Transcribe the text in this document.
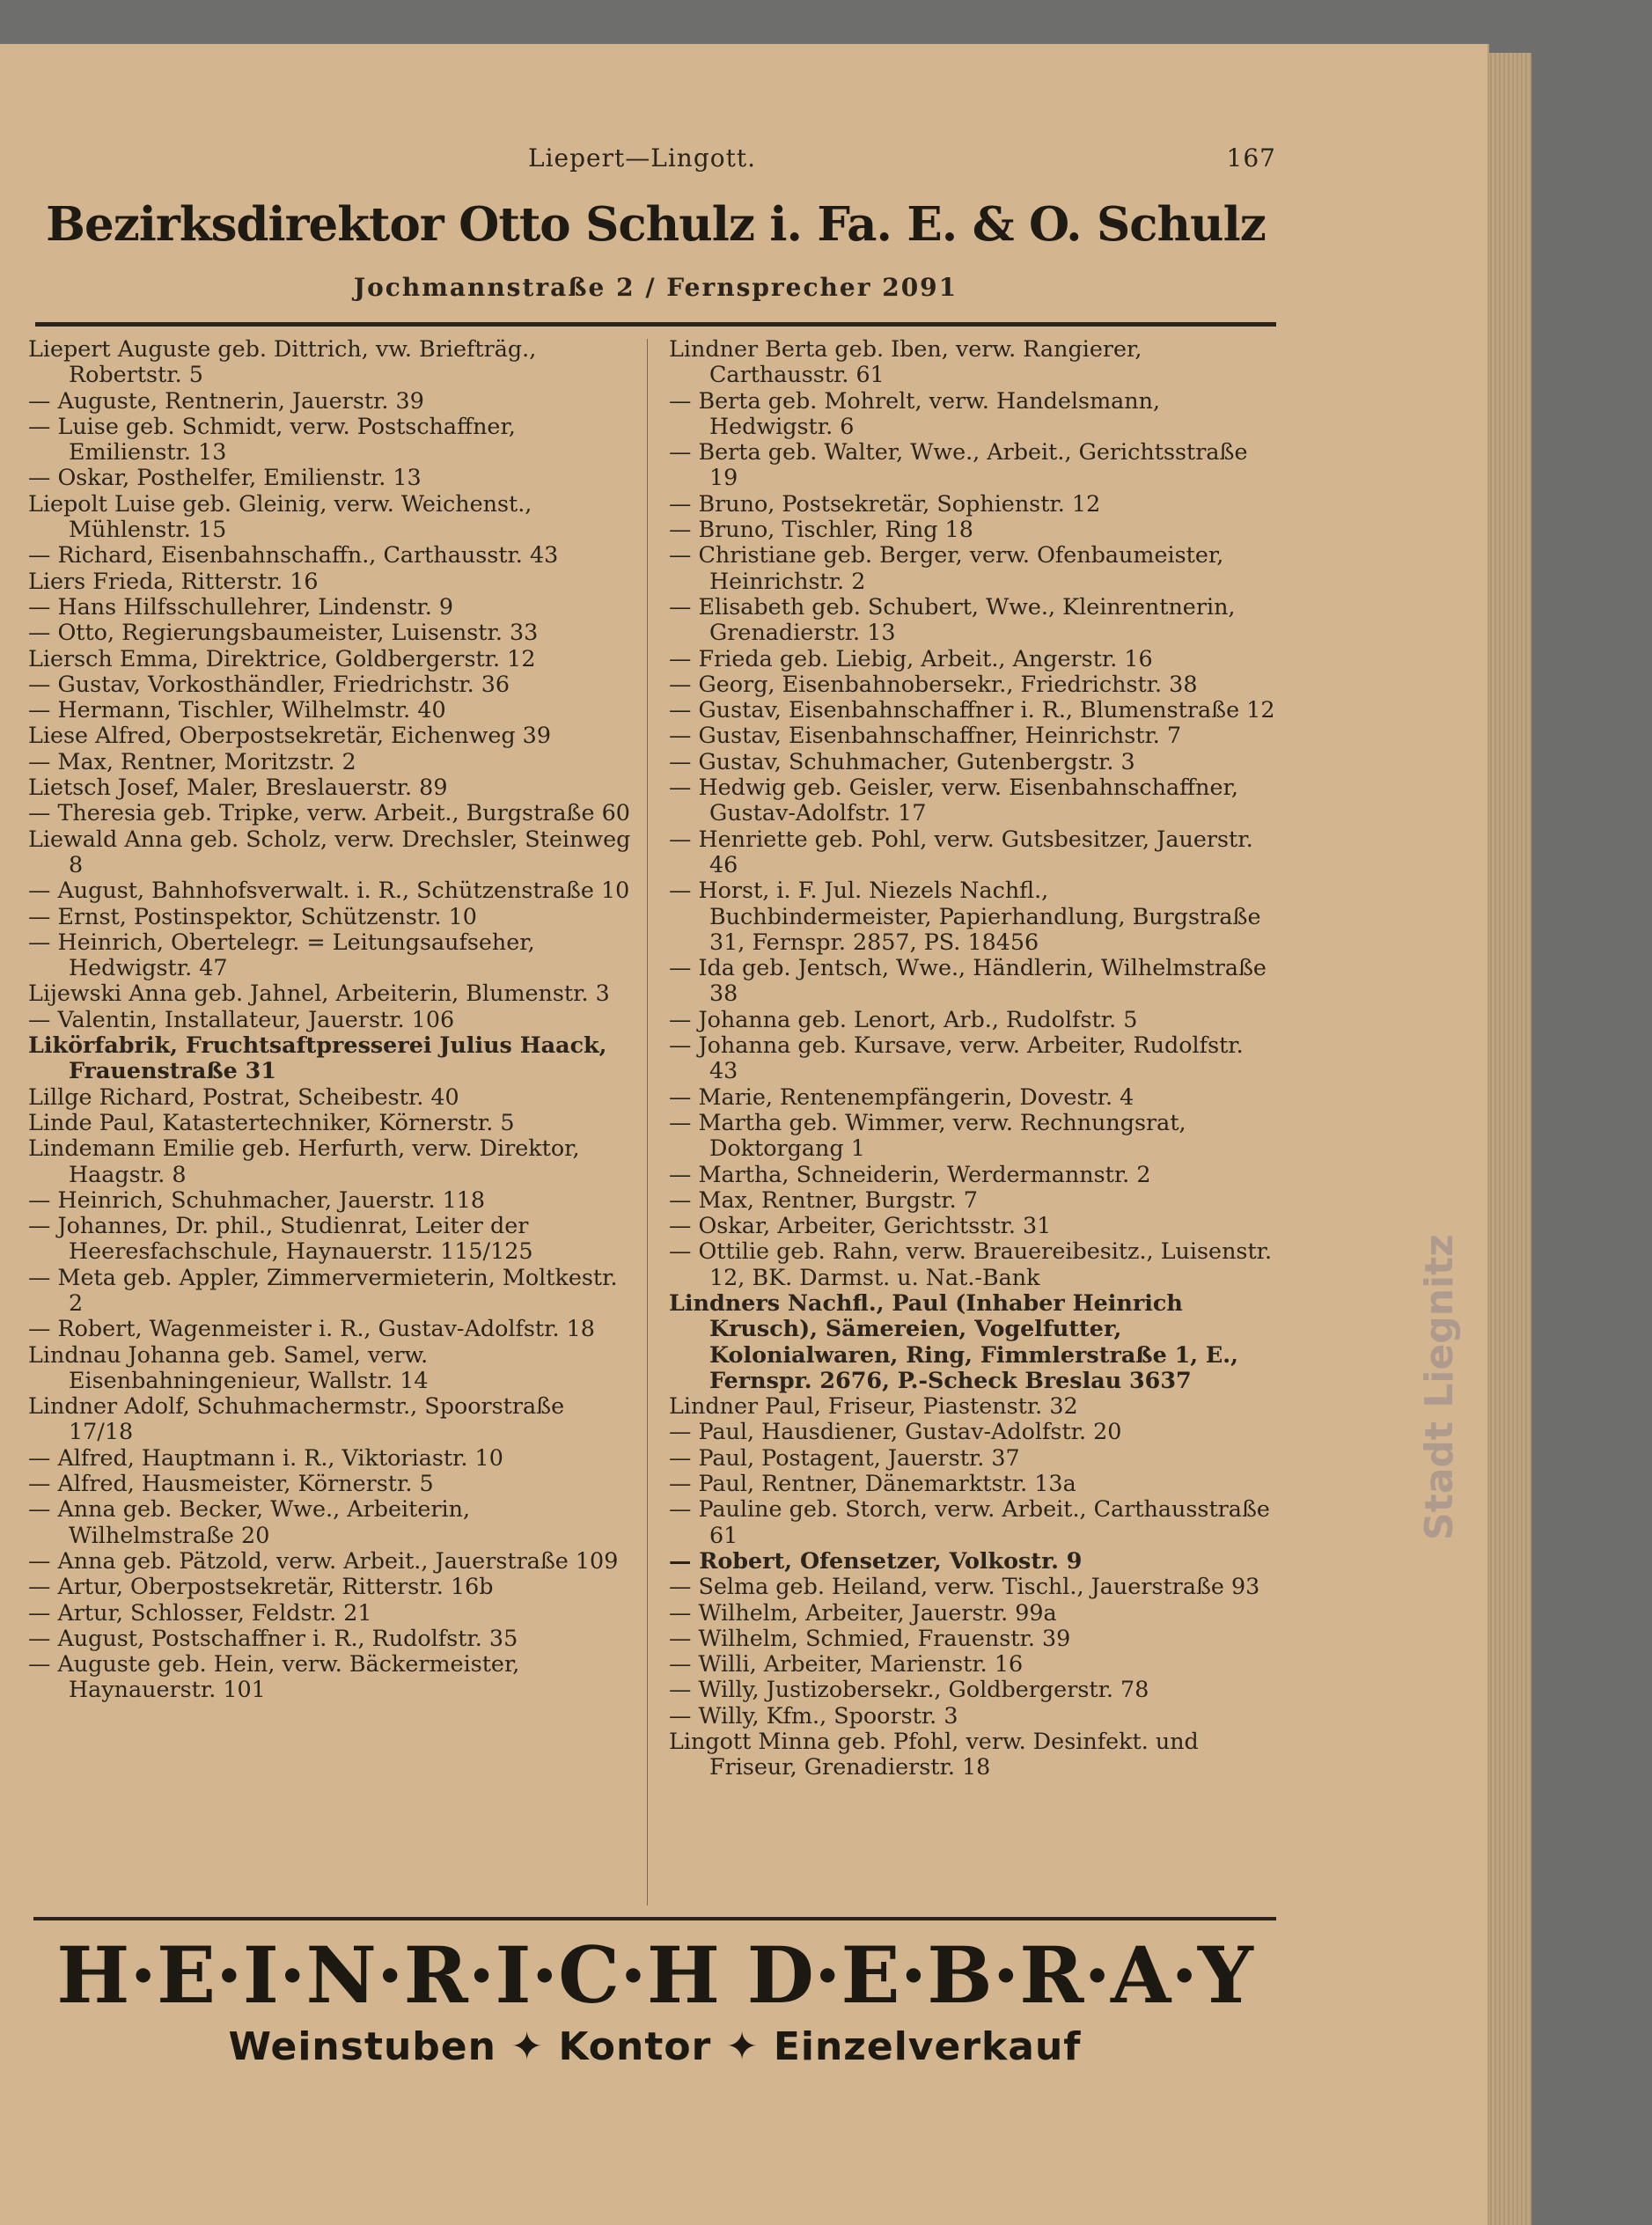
Stadt Liegnitz
Liepert—Lingott.	167
Bezirksdirektor Otto Schulz i. Fa. E. & O. Schulz
Jochmannstraße 2 / Fernsprecher 2091

Liepert Auguste geb. Dittrich, vw. Briefträg., Robertstr. 5

— Auguste, Rentnerin, Jauerstr. 39

— Luise geb. Schmidt, verw. Postschaffner, Emilienstr. 13

— Oskar, Posthelfer, Emilienstr. 13

Liepolt Luise geb. Gleinig, verw. Weichenst., Mühlenstr. 15

— Richard, Eisenbahnschaffn., Carthausstr. 43

Liers Frieda, Ritterstr. 16

— Hans Hilfsschullehrer, Lindenstr. 9

— Otto, Regierungsbaumeister, Luisenstr. 33

Liersch Emma, Direktrice, Goldbergerstr. 12

— Gustav, Vorkosthändler, Friedrichstr. 36

— Hermann, Tischler, Wilhelmstr. 40

Liese Alfred, Oberpostsekretär, Eichenweg 39

— Max, Rentner, Moritzstr. 2

Lietsch Josef, Maler, Breslauerstr. 89

— Theresia geb. Tripke, verw. Arbeit., Burgstraße 60

Liewald Anna geb. Scholz, verw. Drechsler, Steinweg 8

— August, Bahnhofsverwalt. i. R., Schützenstraße 10

— Ernst, Postinspektor, Schützenstr. 10

— Heinrich, Obertelegr. = Leitungsaufseher, Hedwigstr. 47

Lijewski Anna geb. Jahnel, Arbeiterin, Blumenstr. 3

— Valentin, Installateur, Jauerstr. 106

Likörfabrik, Fruchtsaftpresserei Julius Haack, Frauenstraße 31

Lillge Richard, Postrat, Scheibestr. 40

Linde Paul, Katastertechniker, Körnerstr. 5

Lindemann Emilie geb. Herfurth, verw. Direktor, Haagstr. 8

— Heinrich, Schuhmacher, Jauerstr. 118

— Johannes, Dr. phil., Studienrat, Leiter der Heeresfachschule, Haynauerstr. 115/125

— Meta geb. Appler, Zimmervermieterin, Moltkestr. 2

— Robert, Wagenmeister i. R., Gustav-Adolfstr. 18

Lindnau Johanna geb. Samel, verw. Eisenbahningenieur, Wallstr. 14

Lindner Adolf, Schuhmachermstr., Spoorstraße 17/18

— Alfred, Hauptmann i. R., Viktoriastr. 10

— Alfred, Hausmeister, Körnerstr. 5

— Anna geb. Becker, Wwe., Arbeiterin, Wilhelmstraße 20

— Anna geb. Pätzold, verw. Arbeit., Jauerstraße 109

— Artur, Oberpostsekretär, Ritterstr. 16b

— Artur, Schlosser, Feldstr. 21

— August, Postschaffner i. R., Rudolfstr. 35

— Auguste geb. Hein, verw. Bäckermeister, Haynauerstr. 101

Lindner Berta geb. Iben, verw. Rangierer, Carthausstr. 61

— Berta geb. Mohrelt, verw. Handelsmann, Hedwigstr. 6

— Berta geb. Walter, Wwe., Arbeit., Gerichtsstraße 19

— Bruno, Postsekretär, Sophienstr. 12

— Bruno, Tischler, Ring 18

— Christiane geb. Berger, verw. Ofenbaumeister, Heinrichstr. 2

— Elisabeth geb. Schubert, Wwe., Kleinrentnerin, Grenadierstr. 13

— Frieda geb. Liebig, Arbeit., Angerstr. 16

— Georg, Eisenbahnobersekr., Friedrichstr. 38

— Gustav, Eisenbahnschaffner i. R., Blumenstraße 12

— Gustav, Eisenbahnschaffner, Heinrichstr. 7

— Gustav, Schuhmacher, Gutenbergstr. 3

— Hedwig geb. Geisler, verw. Eisenbahnschaffner, Gustav-Adolfstr. 17

— Henriette geb. Pohl, verw. Gutsbesitzer, Jauerstr. 46

— Horst, i. F. Jul. Niezels Nachfl., Buchbindermeister, Papierhandlung, Burgstraße 31, Fernspr. 2857, PS. 18456

— Ida geb. Jentsch, Wwe., Händlerin, Wilhelmstraße 38

— Johanna geb. Lenort, Arb., Rudolfstr. 5

— Johanna geb. Kursave, verw. Arbeiter, Rudolfstr. 43

— Marie, Rentenempfängerin, Dovestr. 4

— Martha geb. Wimmer, verw. Rechnungsrat, Doktorgang 1

— Martha, Schneiderin, Werdermannstr. 2

— Max, Rentner, Burgstr. 7

— Oskar, Arbeiter, Gerichtsstr. 31

— Ottilie geb. Rahn, verw. Brauereibesitz., Luisenstr. 12, BK. Darmst. u. Nat.-Bank

Lindners Nachfl., Paul (Inhaber Heinrich Krusch), Sämereien, Vogelfutter, Kolonialwaren, Ring, Fimmlerstraße 1, E., Fernspr. 2676, P.-Scheck Breslau 3637

Lindner Paul, Friseur, Piastenstr. 32

— Paul, Hausdiener, Gustav-Adolfstr. 20

— Paul, Postagent, Jauerstr. 37

— Paul, Rentner, Dänemarktstr. 13a

— Pauline geb. Storch, verw. Arbeit., Carthausstraße 61

— Robert, Ofensetzer, Volkostr. 9

— Selma geb. Heiland, verw. Tischl., Jauerstraße 93

— Wilhelm, Arbeiter, Jauerstr. 99a

— Wilhelm, Schmied, Frauenstr. 39

— Willi, Arbeiter, Marienstr. 16

— Willy, Justizobersekr., Goldbergerstr. 78

— Willy, Kfm., Spoorstr. 3

Lingott Minna geb. Pfohl, verw. Desinfekt. und Friseur, Grenadierstr. 18

H·E·I·N·R·I·C·H D·E·B·R·A·Y
Weinstuben ✦ Kontor ✦ Einzelverkauf
